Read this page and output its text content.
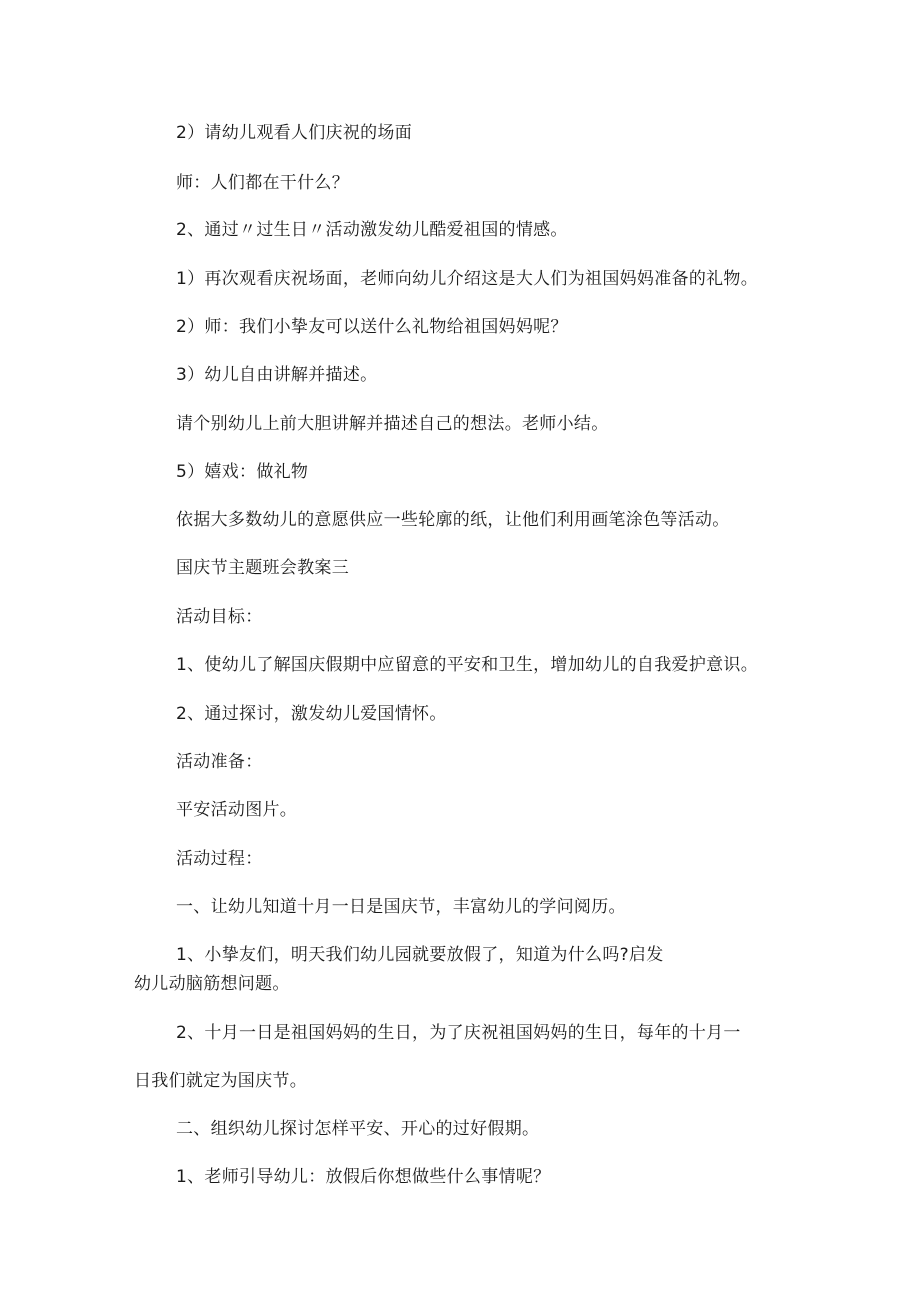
2）请幼儿观看人们庆祝的场面
师：人们都在干什么？
2、通过〃过生日〃活动激发幼儿酷爱祖国的情感。
1）再次观看庆祝场面，老师向幼儿介绍这是大人们为祖国妈妈准备的礼物。
2）师：我们小挚友可以送什么礼物给祖国妈妈呢？
3）幼儿自由讲解并描述。
请个别幼儿上前大胆讲解并描述自己的想法。老师小结。
5）嬉戏：做礼物
依据大多数幼儿的意愿供应一些轮廓的纸，让他们利用画笔涂色等活动。
国庆节主题班会教案三
活动目标：
1、使幼儿了解国庆假期中应留意的平安和卫生，增加幼儿的自我爱护意识。
2、通过探讨，激发幼儿爱国情怀。
活动准备：
平安活动图片。
活动过程：
一、让幼儿知道十月一日是国庆节，丰富幼儿的学问阅历。
1、小挚友们，明天我们幼儿园就要放假了，知道为什么吗?启发
幼儿动脑筋想问题。
2、十月一日是祖国妈妈的生日，为了庆祝祖国妈妈的生日，每年的十月一
日我们就定为国庆节。
二、组织幼儿探讨怎样平安、开心的过好假期。
1、老师引导幼儿：放假后你想做些什么事情呢？
